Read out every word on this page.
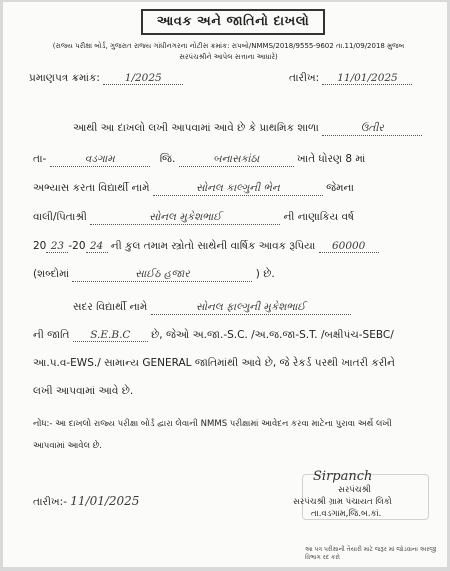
આવક અને જાતિનો દાખલો
(રાજ્ય પરીક્ષા બોર્ડ, ગુજરાત રાજ્ય ગાંધીનગરના નોટીસ ક્રમાંક: રાપબો/NMMS/2018/9555-9602 તા.11/09/2018 મુજબ
સરપંચશ્રીને આપેલ સત્તાના આધારે)
પ્રમાણપત્ર ક્રમાંક: 1/2025	તારીખ: 11/01/2025
આથી આ દાખલો લખી આપવામાં આવે છે કે પ્રાથમિક શાળા	ઉતીર
તા-	વડગામ	જિ.	બનાસકાંઠા	ખાતે ધોરણ 8 માં
અભ્યાસ કરતા વિદ્યાર્થી નામે	સોનલ કાલ્ગુની ભેન	જેમના
વાલી/પિતાશ્રી	સોનલ મુકેશભાઈ	ની નાણાકિય વર્ષ
20 23 -20 24 ની કુલ તમામ સ્ત્રોતો સાથેની વાર્ષિક આવક રૂપિયા 60000
(શબ્દોમાં	સાઈઠ હજાર	) છે.
સદર વિદ્યાર્થી નામે	સોનલ ફાલ્ગુની મુકેશભાઈ
ની જાતિ S.E.B.C છે, જેઓ અ.જા.-S.C. /અ.જ.જા-S.T. /બક્ષીપંચ-SEBC/
આ.પ.વ-EWS./ સામાન્ય GENERAL જાતિમાંથી આવે છે, જે રેકર્ડ પરથી ખાતરી કરીને
લખી આપવામાં આવે છે.
નોંધ:- આ દાખલો રાજ્ય પરીક્ષા બોર્ડ દ્વારા લેવાની NMMS પરીક્ષામાં આવેદન કરવા માટેના પુરાવા અર્થે લખી
આપવામાં આવેલ છે.
તારીખ:- 11/01/2025
Sirpanch
સરપંચશ્રી
સરપંચશ્રી ગ્રામ પંચાયત લિકો
તા.વડગામ,જિ.બ.કાં.
આ પત્ર પરીક્ષાની તૈયારી માટે જરૂર માં જોડવાના અરજી વિભાગ રદ કરો
